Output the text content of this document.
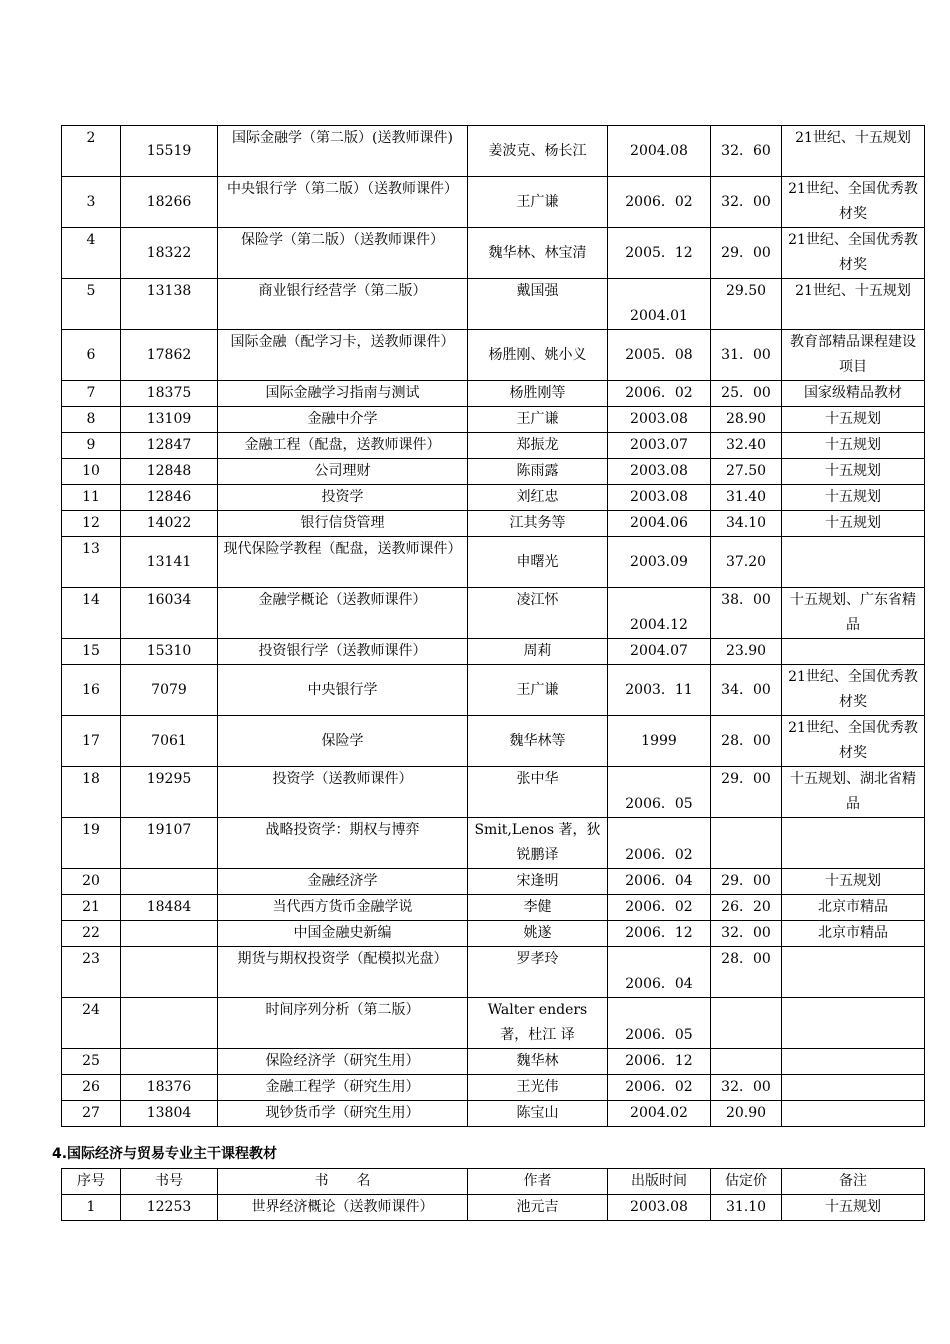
2	15519	国际金融学（第二版）(送教师课件)	姜波克、杨长江	2004.08	32．60	21世纪、十五规划
3	18266	中央银行学（第二版）（送教师课件）	王广谦	2006．02	32．00	21世纪、全国优秀教材奖
4	18322	保险学（第二版）（送教师课件）	魏华林、林宝清	2005．12	29．00	21世纪、全国优秀教材奖
5	13138	商业银行经营学（第二版）	戴国强	2004.01	29.50	21世纪、十五规划
6	17862	国际金融（配学习卡，送教师课件）	杨胜刚、姚小义	2005．08	31．00	教育部精品课程建设项目
7	18375	国际金融学习指南与测试	杨胜刚等	2006．02	25．00	国家级精品教材
8	13109	金融中介学	王广谦	2003.08	28.90	十五规划
9	12847	金融工程（配盘，送教师课件）	郑振龙	2003.07	32.40	十五规划
10	12848	公司理财	陈雨露	2003.08	27.50	十五规划
11	12846	投资学	刘红忠	2003.08	31.40	十五规划
12	14022	银行信贷管理	江其务等	2004.06	34.10	十五规划
13	13141	现代保险学教程（配盘，送教师课件）	申曙光	2003.09	37.20	
14	16034	金融学概论（送教师课件）	凌江怀	2004.12	38．00	十五规划、广东省精品
15	15310	投资银行学（送教师课件）	周莉	2004.07	23.90	
16	7079	中央银行学	王广谦	2003．11	34．00	21世纪、全国优秀教材奖
17	7061	保险学	魏华林等	1999	28．00	21世纪、全国优秀教材奖
18	19295	投资学（送教师课件）	张中华	2006．05	29．00	十五规划、湖北省精品
19	19107	战略投资学：期权与博弈	Smit,Lenos 著，狄锐鹏译	2006．02		
20		金融经济学	宋逢明	2006．04	29．00	十五规划
21	18484	当代西方货币金融学说	李健	2006．02	26．20	北京市精品
22		中国金融史新编	姚遂	2006．12	32．00	北京市精品
23		期货与期权投资学（配模拟光盘）	罗孝玲	2006．04	28．00	
24		时间序列分析（第二版）	Walter enders 著，杜江 译	2006．05		
25		保险经济学（研究生用）	魏华林	2006．12		
26	18376	金融工程学（研究生用）	王光伟	2006．02	32．00	
27	13804	现钞货币学（研究生用）	陈宝山	2004.02	20.90	
4.国际经济与贸易专业主干课程教材
序号	书号	书　　名	作者	出版时间	估定价	备注
1	12253	世界经济概论（送教师课件）	池元吉	2003.08	31.10	十五规划
